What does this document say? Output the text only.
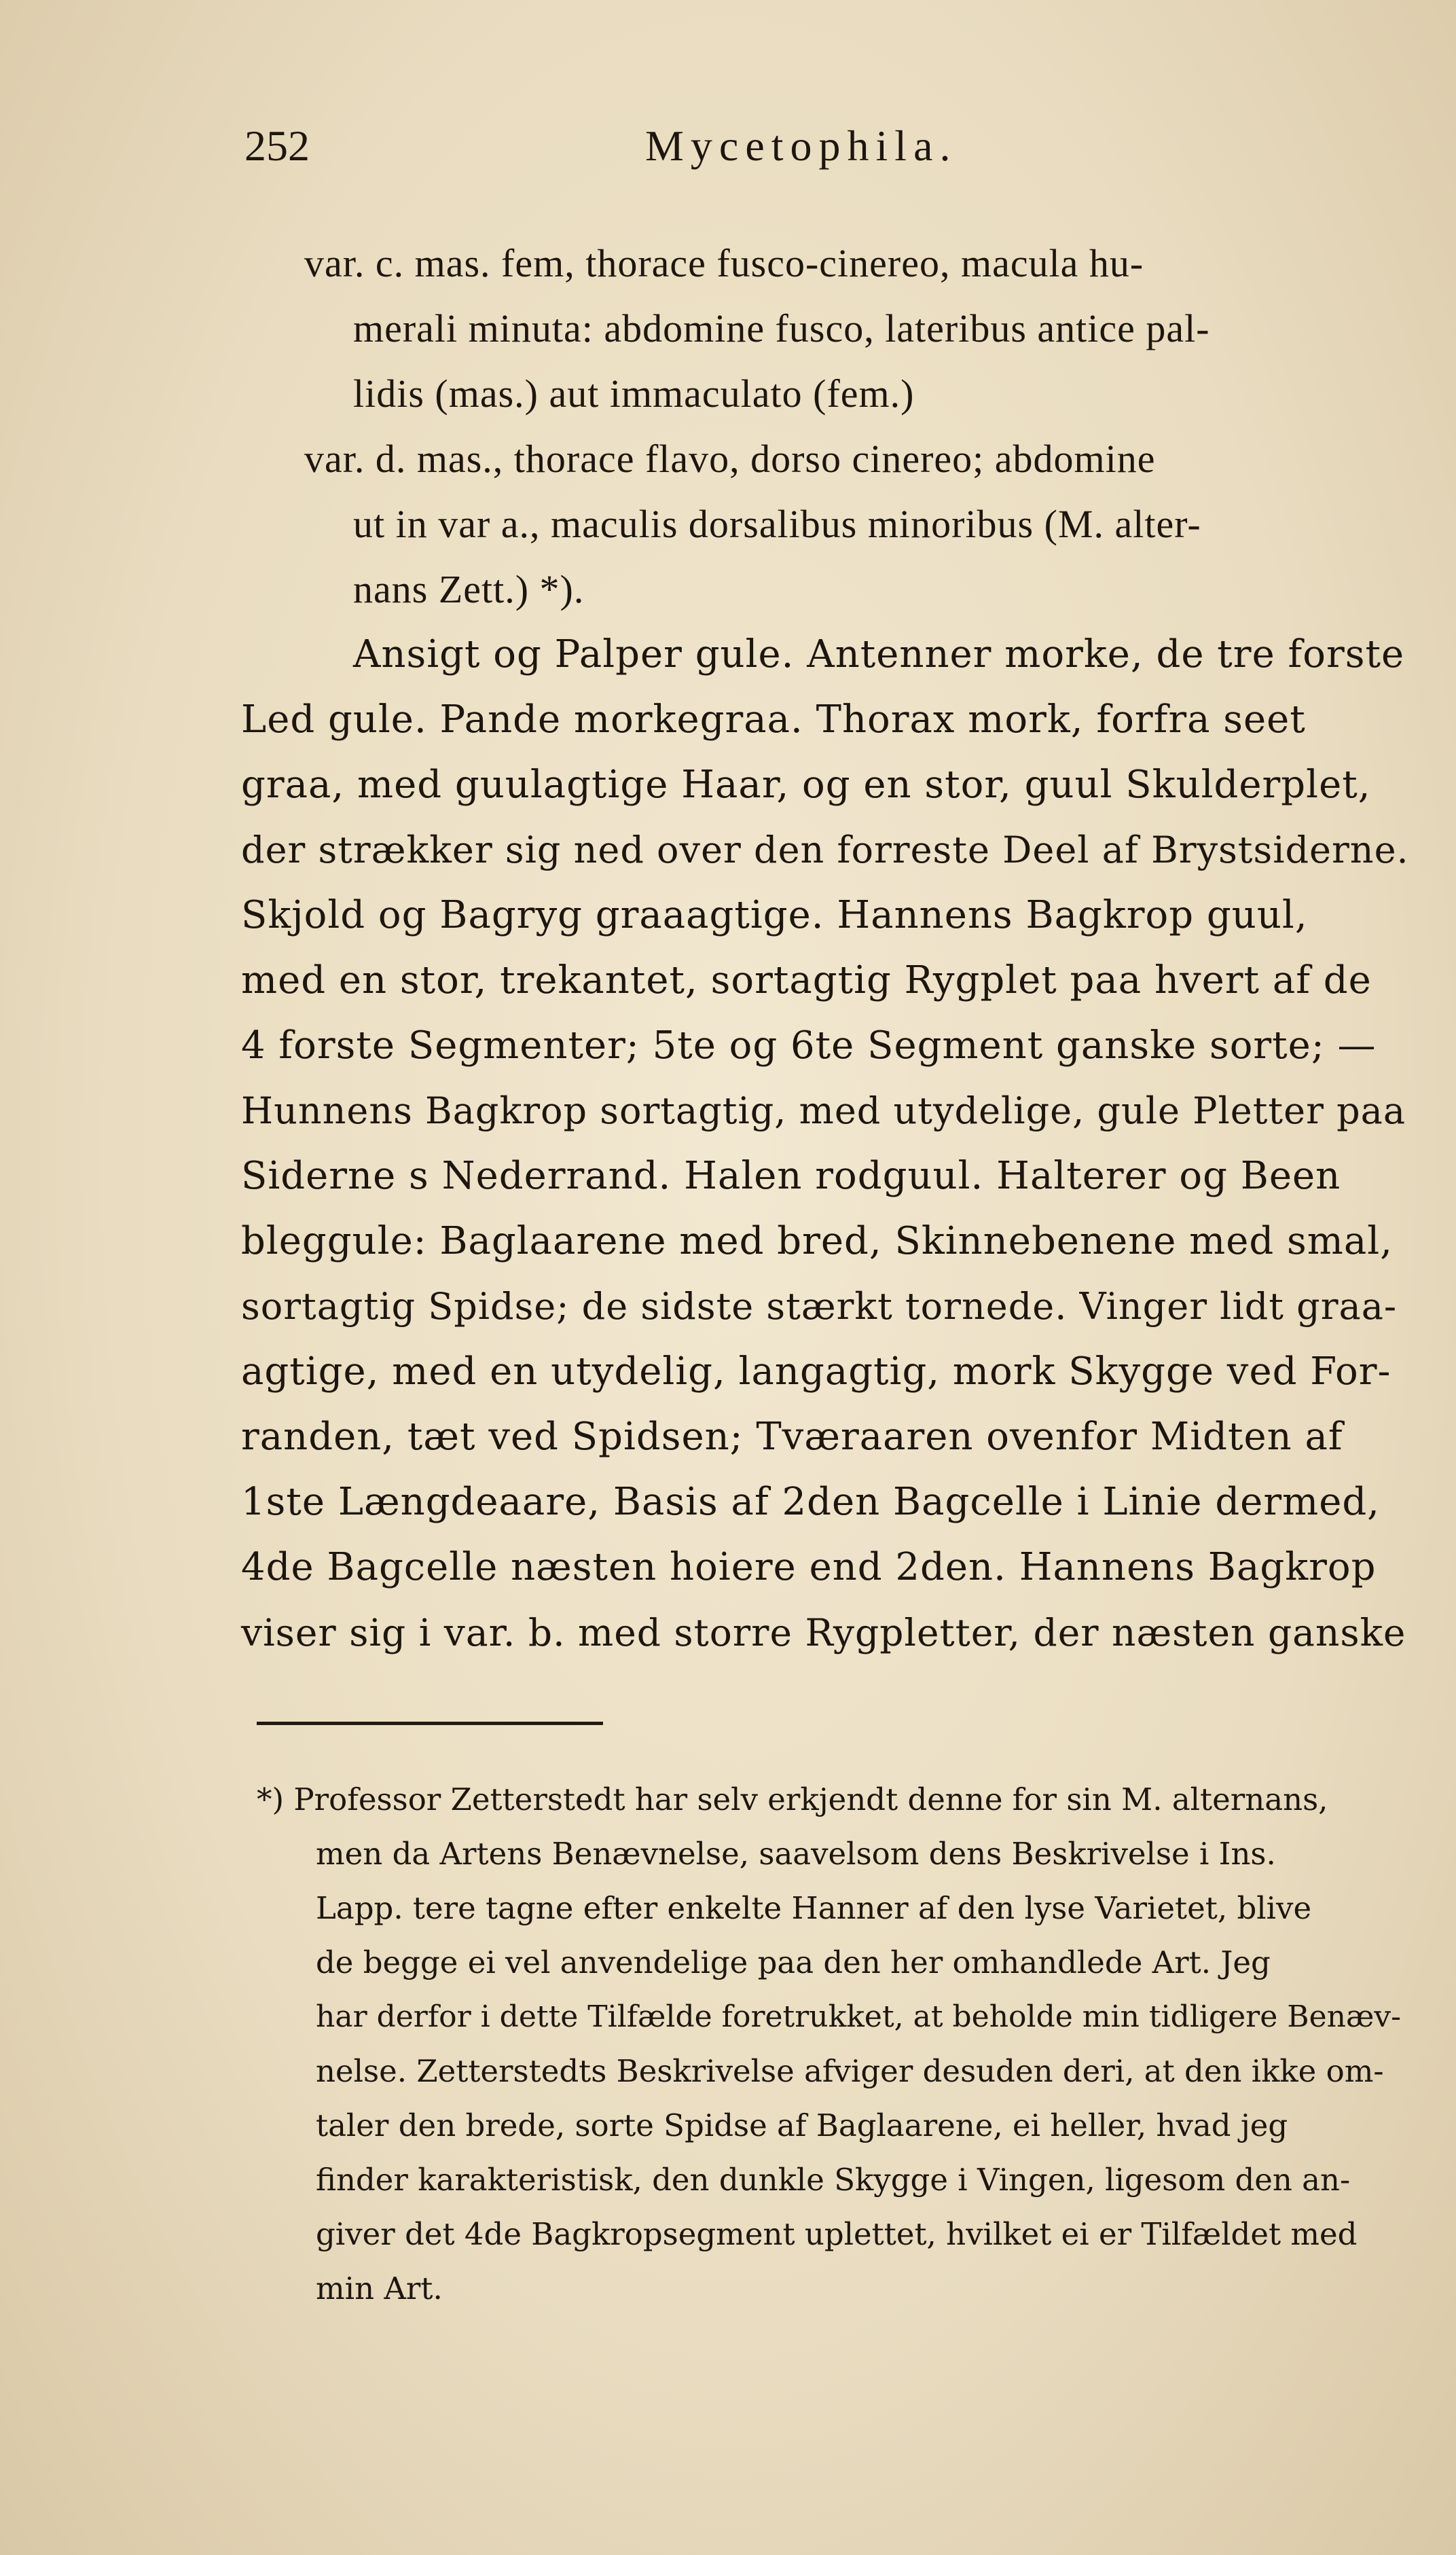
252	Mycetophila.
var. c. mas. fem, thorace fusco-cinereo, macula hu-
merali minuta: abdomine fusco, lateribus antice pal-
lidis (mas.) aut immaculato (fem.)
var. d. mas., thorace flavo, dorso cinereo; abdomine
ut in var a., maculis dorsalibus minoribus (M. alter-
nans Zett.) *).
Ansigt og Palper gule. Antenner morke, de tre forste
Led gule. Pande morkegraa. Thorax mork, forfra seet
graa, med guulagtige Haar, og en stor, guul Skulderplet,
der strækker sig ned over den forreste Deel af Brystsiderne.
Skjold og Bagryg graaagtige. Hannens Bagkrop guul,
med en stor, trekantet, sortagtig Rygplet paa hvert af de
4 forste Segmenter; 5te og 6te Segment ganske sorte; —
Hunnens Bagkrop sortagtig, med utydelige, gule Pletter paa
Siderne s Nederrand. Halen rodguul. Halterer og Been
bleggule: Baglaarene med bred, Skinnebenene med smal,
sortagtig Spidse; de sidste stærkt tornede. Vinger lidt graa-
agtige, med en utydelig, langagtig, mork Skygge ved For-
randen, tæt ved Spidsen; Tværaaren ovenfor Midten af
1ste Længdeaare, Basis af 2den Bagcelle i Linie dermed,
4de Bagcelle næsten hoiere end 2den. Hannens Bagkrop
viser sig i var. b. med storre Rygpletter, der næsten ganske
*) Professor Zetterstedt har selv erkjendt denne for sin M. alternans,
men da Artens Benævnelse, saavelsom dens Beskrivelse i Ins.
Lapp. tere tagne efter enkelte Hanner af den lyse Varietet, blive
de begge ei vel anvendelige paa den her omhandlede Art. Jeg
har derfor i dette Tilfælde foretrukket, at beholde min tidligere Benæv-
nelse. Zetterstedts Beskrivelse afviger desuden deri, at den ikke om-
taler den brede, sorte Spidse af Baglaarene, ei heller, hvad jeg
finder karakteristisk, den dunkle Skygge i Vingen, ligesom den an-
giver det 4de Bagkropsegment uplettet, hvilket ei er Tilfældet med
min Art.
